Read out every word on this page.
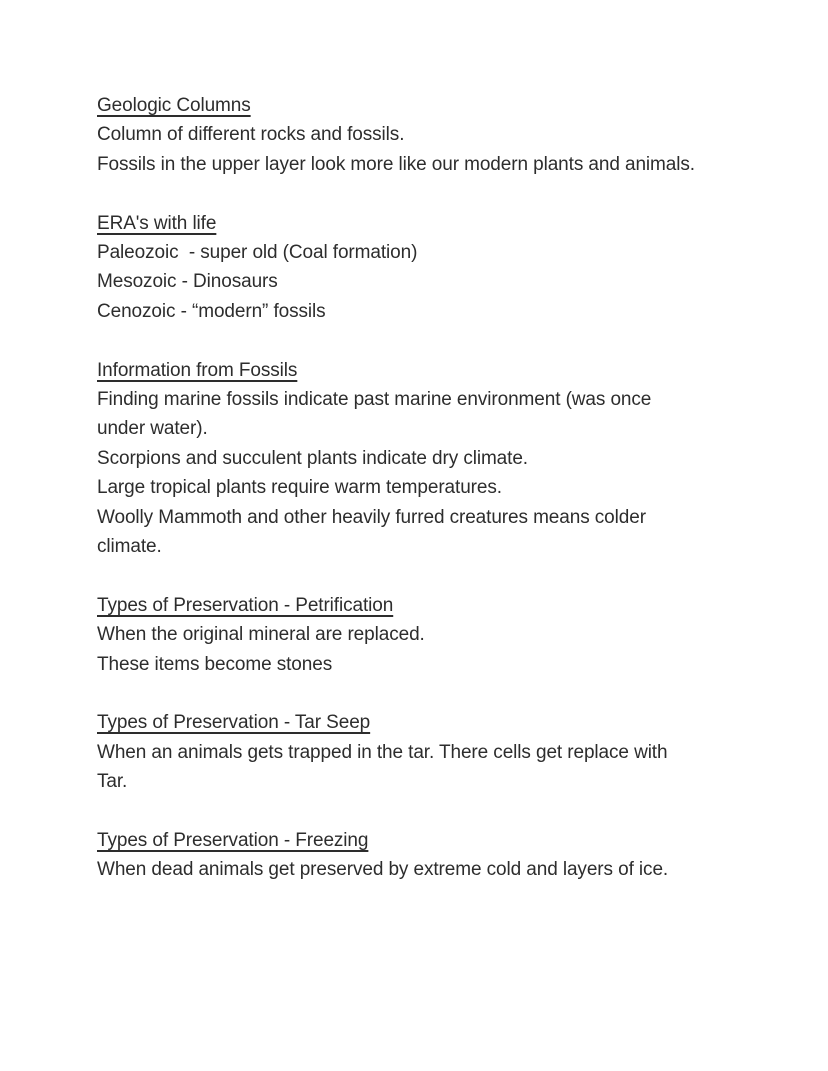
Geologic Columns

Column of different rocks and fossils.

Fossils in the upper layer look more like our modern plants and animals.

ERA's with life

Paleozoic  - super old (Coal formation)

Mesozoic - Dinosaurs

Cenozoic - “modern” fossils

Information from Fossils

Finding marine fossils indicate past marine environment (was once

under water).

Scorpions and succulent plants indicate dry climate.

Large tropical plants require warm temperatures.

Woolly Mammoth and other heavily furred creatures means colder

climate.

Types of Preservation - Petrification

When the original mineral are replaced.

These items become stones

Types of Preservation - Tar Seep

When an animals gets trapped in the tar. There cells get replace with

Tar.

Types of Preservation - Freezing

When dead animals get preserved by extreme cold and layers of ice.
